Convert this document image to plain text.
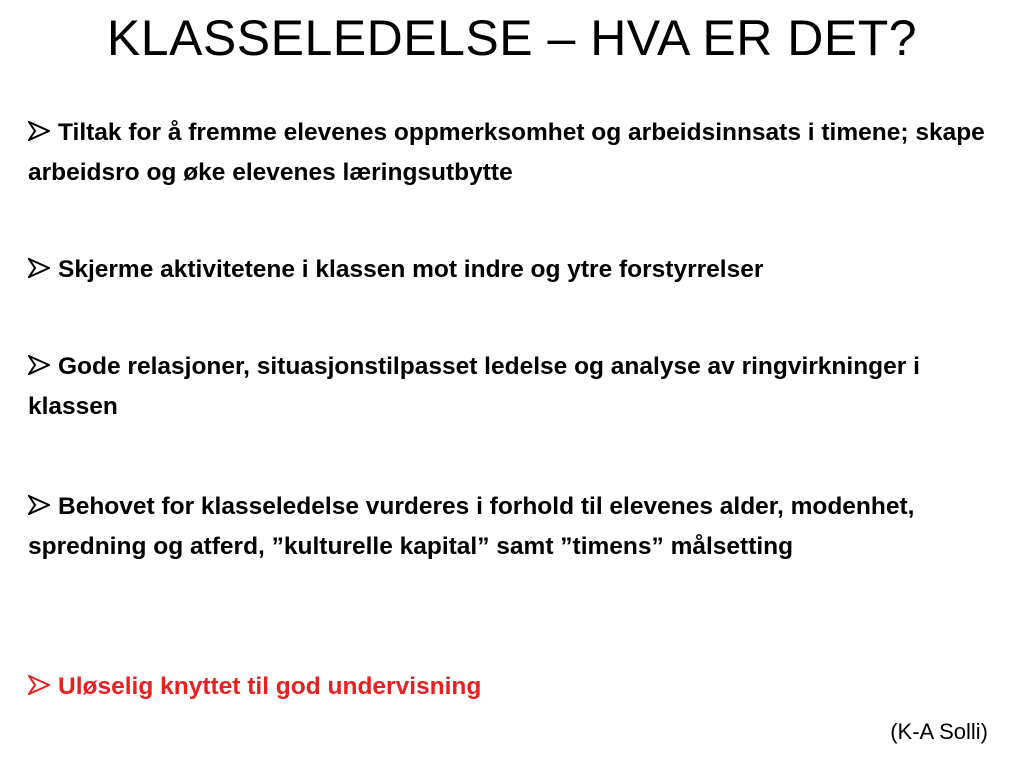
KLASSELEDELSE – HVA ER DET?
Tiltak for å fremme elevenes oppmerksomhet og arbeidsinnsats i timene; skape arbeidsro og øke elevenes læringsutbytte
Skjerme aktivitetene i klassen mot indre og ytre forstyrrelser
Gode relasjoner, situasjonstilpasset ledelse og analyse av ringvirkninger i klassen
Behovet for klasseledelse vurderes i forhold til elevenes alder, modenhet, spredning og atferd, ”kulturelle kapital” samt ”timens” målsetting
Uløselig knyttet til god undervisning
(K-A Solli)
